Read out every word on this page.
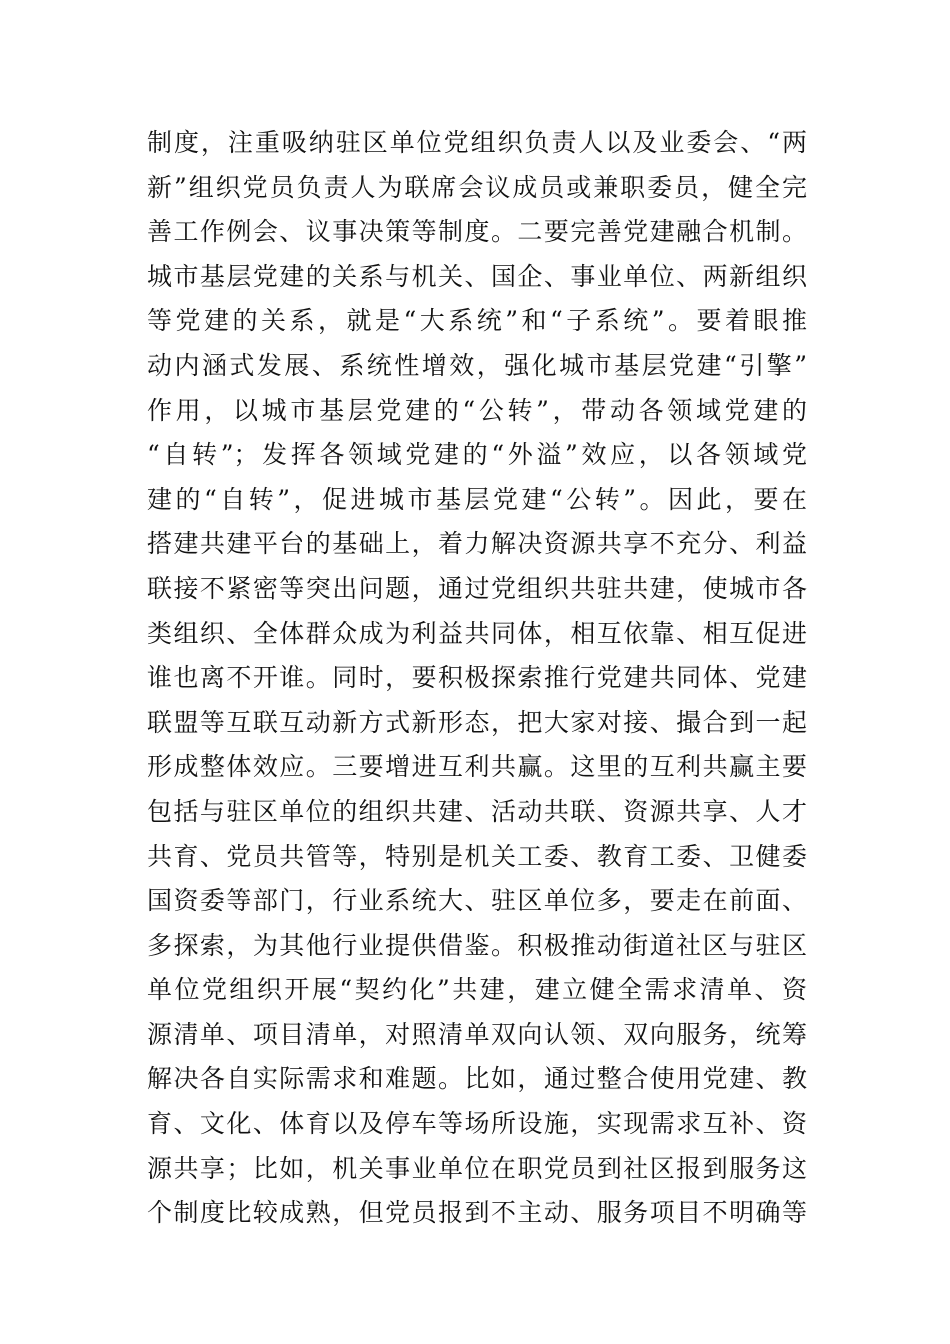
制度，注重吸纳驻区单位党组织负责人以及业委会、“两
新”组织党员负责人为联席会议成员或兼职委员，健全完
善工作例会、议事决策等制度。二要完善党建融合机制。
城市基层党建的关系与机关、国企、事业单位、两新组织
等党建的关系，就是“大系统”和“子系统”。要着眼推
动内涵式发展、系统性增效，强化城市基层党建“引擎”
作用，以城市基层党建的“公转”，带动各领域党建的
“自转”；发挥各领域党建的“外溢”效应，以各领域党
建的“自转”，促进城市基层党建“公转”。因此，要在
搭建共建平台的基础上，着力解决资源共享不充分、利益
联接不紧密等突出问题，通过党组织共驻共建，使城市各
类组织、全体群众成为利益共同体，相互依靠、相互促进
谁也离不开谁。同时，要积极探索推行党建共同体、党建
联盟等互联互动新方式新形态，把大家对接、撮合到一起
形成整体效应。三要增进互利共赢。这里的互利共赢主要
包括与驻区单位的组织共建、活动共联、资源共享、人才
共育、党员共管等，特别是机关工委、教育工委、卫健委
国资委等部门，行业系统大、驻区单位多，要走在前面、
多探索，为其他行业提供借鉴。积极推动街道社区与驻区
单位党组织开展“契约化”共建，建立健全需求清单、资
源清单、项目清单，对照清单双向认领、双向服务，统筹
解决各自实际需求和难题。比如，通过整合使用党建、教
育、文化、体育以及停车等场所设施，实现需求互补、资
源共享；比如，机关事业单位在职党员到社区报到服务这
个制度比较成熟，但党员报到不主动、服务项目不明确等
